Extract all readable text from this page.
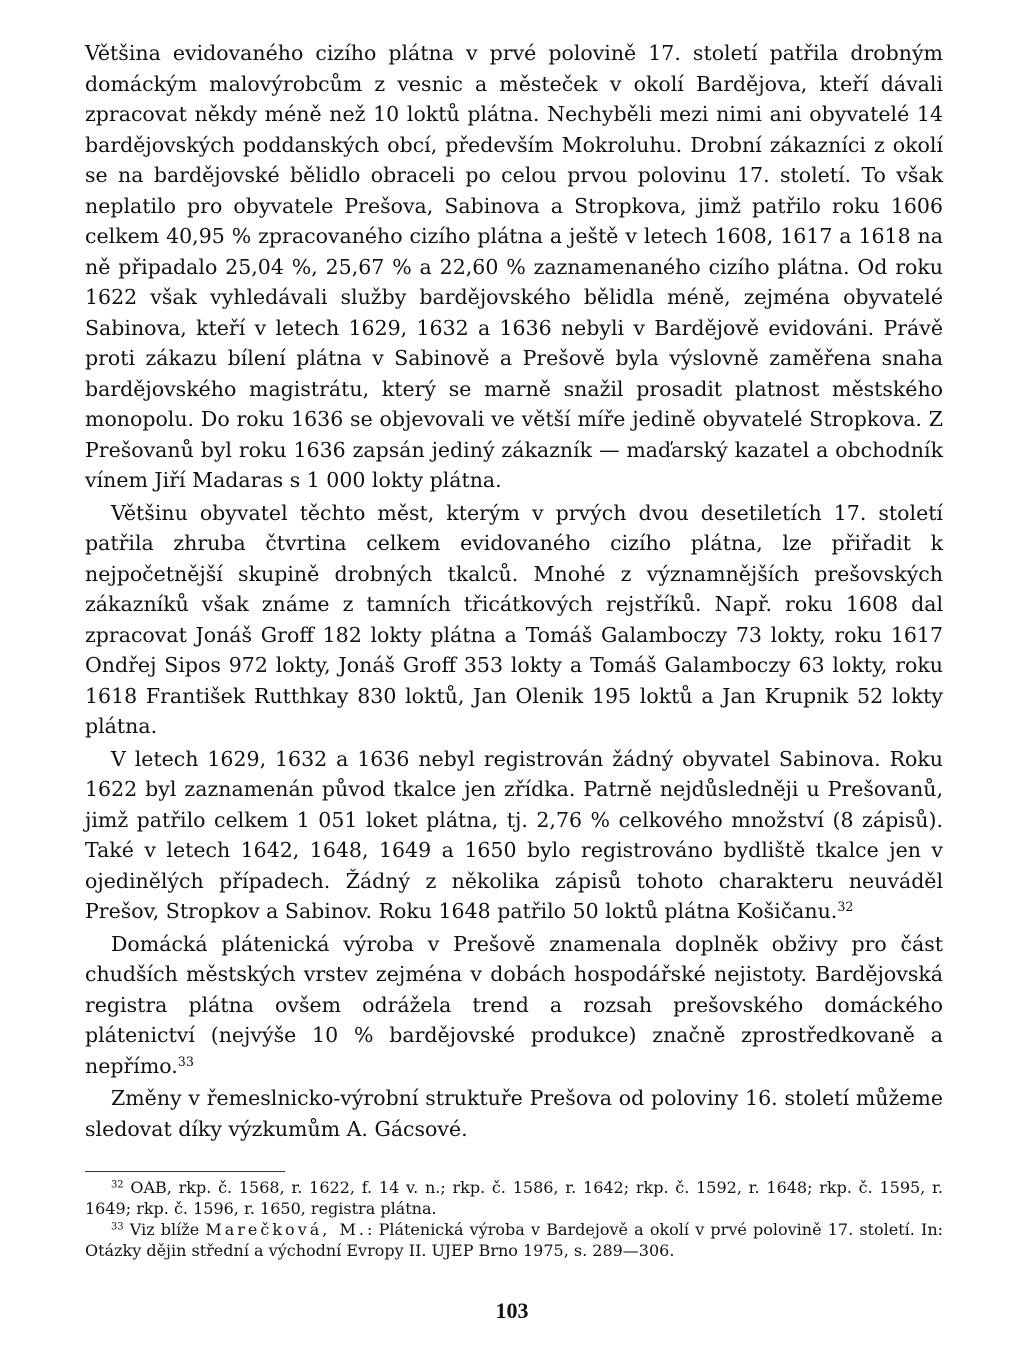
Většina evidovaného cizího plátna v prvé polovině 17. století patřila drobným domáckým malovýrobcům z vesnic a městeček v okolí Bardějova, kteří dávali zpracovat někdy méně než 10 loktů plátna. Nechyběli mezi nimi ani obyvatelé 14 bardějovských poddanských obcí, především Mokroluhu. Drobní zákazníci z okolí se na bardějovské bělidlo obraceli po celou prvou polovinu 17. století. To však neplatilo pro obyvatele Prešova, Sabinova a Stropkova, jimž patřilo roku 1606 celkem 40,95 % zpracovaného cizího plátna a ještě v letech 1608, 1617 a 1618 na ně připadalo 25,04 %, 25,67 % a 22,60 % zaznamenaného cizího plátna. Od roku 1622 však vyhledávali služby bardějovského bělidla méně, zejména obyvatelé Sabinova, kteří v letech 1629, 1632 a 1636 nebyli v Bardějově evidováni. Právě proti zákazu bílení plátna v Sabinově a Prešově byla výslovně zaměřena snaha bardějovského magistrátu, který se marně snažil prosadit platnost městského monopolu. Do roku 1636 se objevovali ve větší míře jedině obyvatelé Stropkova. Z Prešovanů byl roku 1636 zapsán jediný zákazník — maďarský kazatel a obchodník vínem Jiří Madaras s 1 000 lokty plátna.

Většinu obyvatel těchto měst, kterým v prvých dvou desetiletích 17. století patřila zhruba čtvrtina celkem evidovaného cizího plátna, lze přiřadit k nejpočetnější skupině drobných tkalců. Mnohé z významnějších prešovských zákazníků však známe z tamních třicátkových rejstříků. Např. roku 1608 dal zpracovat Jonáš Groff 182 lokty plátna a Tomáš Galamboczy 73 lokty, roku 1617 Ondřej Sipos 972 lokty, Jonáš Groff 353 lokty a Tomáš Galamboczy 63 lokty, roku 1618 František Rutthkay 830 loktů, Jan Olenik 195 loktů a Jan Krupnik 52 lokty plátna.

V letech 1629, 1632 a 1636 nebyl registrován žádný obyvatel Sabinova. Roku 1622 byl zaznamenán původ tkalce jen zřídka. Patrně nejdůsledněji u Prešovanů, jimž patřilo celkem 1 051 loket plátna, tj. 2,76 % celkového množství (8 zápisů). Také v letech 1642, 1648, 1649 a 1650 bylo registrováno bydliště tkalce jen v ojedinělých případech. Žádný z několika zápisů tohoto charakteru neuváděl Prešov, Stropkov a Sabinov. Roku 1648 patřilo 50 loktů plátna Košičanu.$^{32}$

Domácká plátenická výroba v Prešově znamenala doplněk obživy pro část chudších městských vrstev zejména v dobách hospodářské nejistoty. Bardějovská registra plátna ovšem odrážela trend a rozsah prešovského domáckého plátenictví (nejvýše 10 % bardějovské produkce) značně zprostředkovaně a nepřímo.$^{33}$

Změny v řemeslnicko-výrobní struktuře Prešova od poloviny 16. století můžeme sledovat díky výzkumům A. Gácsové.

$^{32}$ OAB, rkp. č. 1568, r. 1622, f. 14 v. n.; rkp. č. 1586, r. 1642; rkp. č. 1592, r. 1648; rkp. č. 1595, r. 1649; rkp. č. 1596, r. 1650, registra plátna.

$^{33}$ Viz blíže Marečková, M.: Plátenická výroba v Bardejově a okolí v prvé polovině 17. století. In: Otázky dějin střední a východní Evropy II. UJEP Brno 1975, s. 289—306.

103
